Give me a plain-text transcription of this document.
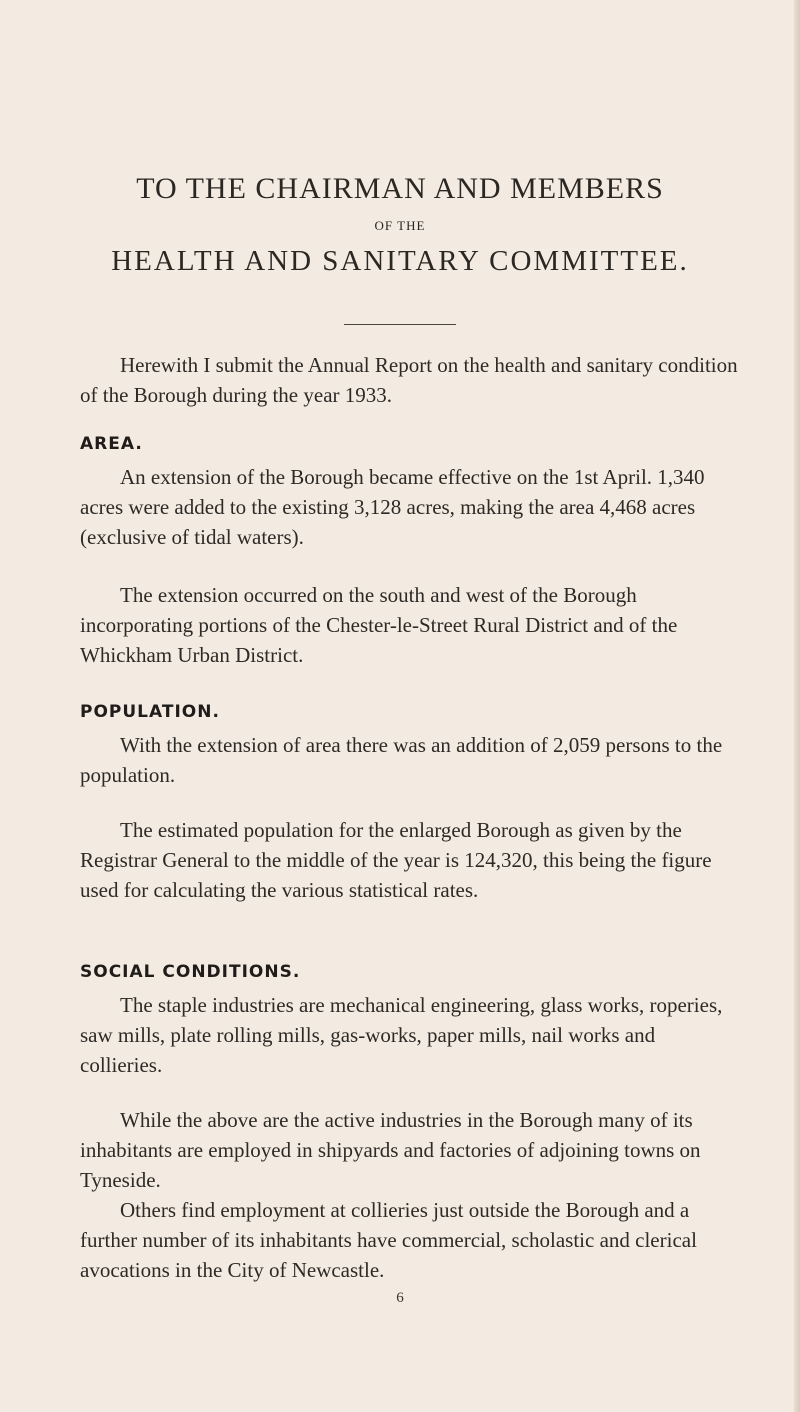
TO THE CHAIRMAN AND MEMBERS
OF THE
HEALTH AND SANITARY COMMITTEE.

Herewith I submit the Annual Report on the health and sanitary condition of the Borough during the year 1933.

AREA.

An extension of the Borough became effective on the 1st April. 1,340 acres were added to the existing 3,128 acres, making the area 4,468 acres (exclusive of tidal waters).

The extension occurred on the south and west of the Borough incorporating portions of the Chester-le-Street Rural District and of the Whickham Urban District.

POPULATION.

With the extension of area there was an addition of 2,059 persons to the population.

The estimated population for the enlarged Borough as given by the Registrar General to the middle of the year is 124,320, this being the figure used for calculating the various statistical rates.

SOCIAL CONDITIONS.

The staple industries are mechanical engineering, glass works, roperies, saw mills, plate rolling mills, gas-works, paper mills, nail works and collieries.

While the above are the active industries in the Borough many of its inhabitants are employed in shipyards and factories of adjoining towns on Tyneside.

Others find employment at collieries just outside the Borough and a further number of its inhabitants have commercial, scholastic and clerical avocations in the City of Newcastle.

6
